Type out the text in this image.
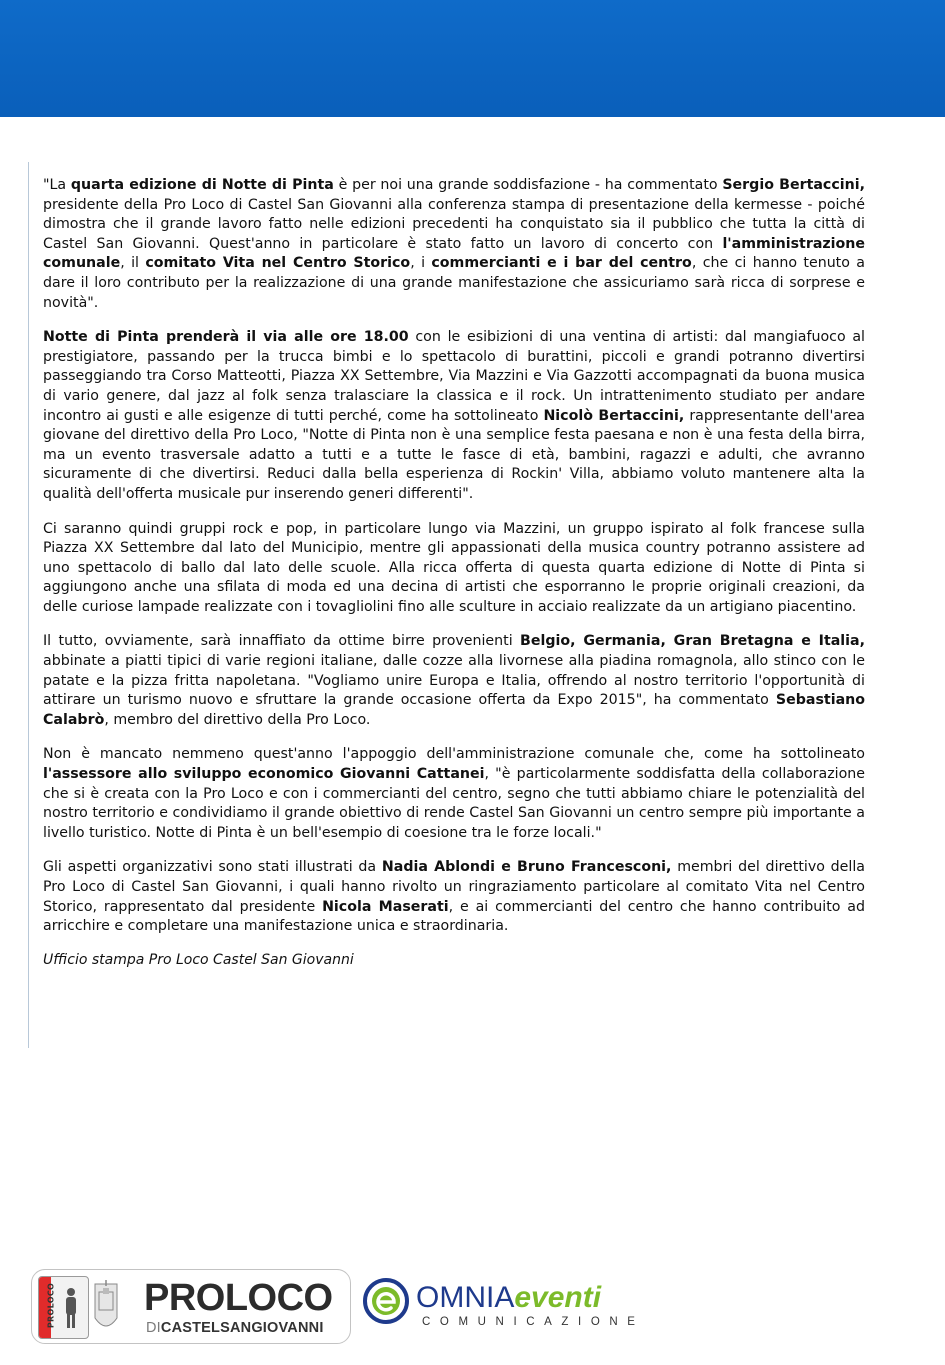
"La quarta edizione di Notte di Pinta è per noi una grande soddisfazione - ha commentato Sergio Bertaccini, presidente della Pro Loco di Castel San Giovanni alla conferenza stampa di presentazione della kermesse - poiché dimostra che il grande lavoro fatto nelle edizioni precedenti ha conquistato sia il pubblico che tutta la città di Castel San Giovanni. Quest'anno in particolare è stato fatto un lavoro di concerto con l'amministrazione comunale, il comitato Vita nel Centro Storico, i commercianti e i bar del centro, che ci hanno tenuto a dare il loro contributo per la realizzazione di una grande manifestazione che assicuriamo sarà ricca di sorprese e novità".
Notte di Pinta prenderà il via alle ore 18.00 con le esibizioni di una ventina di artisti: dal mangiafuoco al prestigiatore, passando per la trucca bimbi e lo spettacolo di burattini, piccoli e grandi potranno divertirsi passeggiando tra Corso Matteotti, Piazza XX Settembre, Via Mazzini e Via Gazzotti accompagnati da buona musica di vario genere, dal jazz al folk senza tralasciare la classica e il rock. Un intrattenimento studiato per andare incontro ai gusti e alle esigenze di tutti perché, come ha sottolineato Nicolò Bertaccini, rappresentante dell'area giovane del direttivo della Pro Loco, "Notte di Pinta non è una semplice festa paesana e non è una festa della birra, ma un evento trasversale adatto a tutti e a tutte le fasce di età, bambini, ragazzi e adulti, che avranno sicuramente di che divertirsi. Reduci dalla bella esperienza di Rockin' Villa, abbiamo voluto mantenere alta la qualità dell'offerta musicale pur inserendo generi differenti".
Ci saranno quindi gruppi rock e pop, in particolare lungo via Mazzini, un gruppo ispirato al folk francese sulla Piazza XX Settembre dal lato del Municipio, mentre gli appassionati della musica country potranno assistere ad uno spettacolo di ballo dal lato delle scuole. Alla ricca offerta di questa quarta edizione di Notte di Pinta si aggiungono anche una sfilata di moda ed una decina di artisti che esporranno le proprie originali creazioni, da delle curiose lampade realizzate con i tovagliolini fino alle sculture in acciaio realizzate da un artigiano piacentino.
Il tutto, ovviamente, sarà innaffiato da ottime birre provenienti Belgio, Germania, Gran Bretagna e Italia, abbinate a piatti tipici di varie regioni italiane, dalle cozze alla livornese alla piadina romagnola, allo stinco con le patate e la pizza fritta napoletana. "Vogliamo unire Europa e Italia, offrendo al nostro territorio l'opportunità di attirare un turismo nuovo e sfruttare la grande occasione offerta da Expo 2015", ha commentato Sebastiano Calabrò, membro del direttivo della Pro Loco.
Non è mancato nemmeno quest'anno l'appoggio dell'amministrazione comunale che, come ha sottolineato l'assessore allo sviluppo economico Giovanni Cattanei, "è particolarmente soddisfatta della collaborazione che si è creata con la Pro Loco e con i commercianti del centro, segno che tutti abbiamo chiare le potenzialità del nostro territorio e condividiamo il grande obiettivo di rende Castel San Giovanni un centro sempre più importante a livello turistico. Notte di Pinta è un bell'esempio di coesione tra le forze locali."
Gli aspetti organizzativi sono stati illustrati da Nadia Ablondi e Bruno Francesconi, membri del direttivo della Pro Loco di Castel San Giovanni, i quali hanno rivolto un ringraziamento particolare al comitato Vita nel Centro Storico, rappresentato dal presidente Nicola Maserati, e ai commercianti del centro che hanno contribuito ad arricchire e completare una manifestazione unica e straordinaria.

Ufficio stampa Pro Loco Castel San Giovanni

PROLOCO PROLOCO
DICASTELSANGIOVANNI
OMNIAeventi
COMUNICAZIONE
